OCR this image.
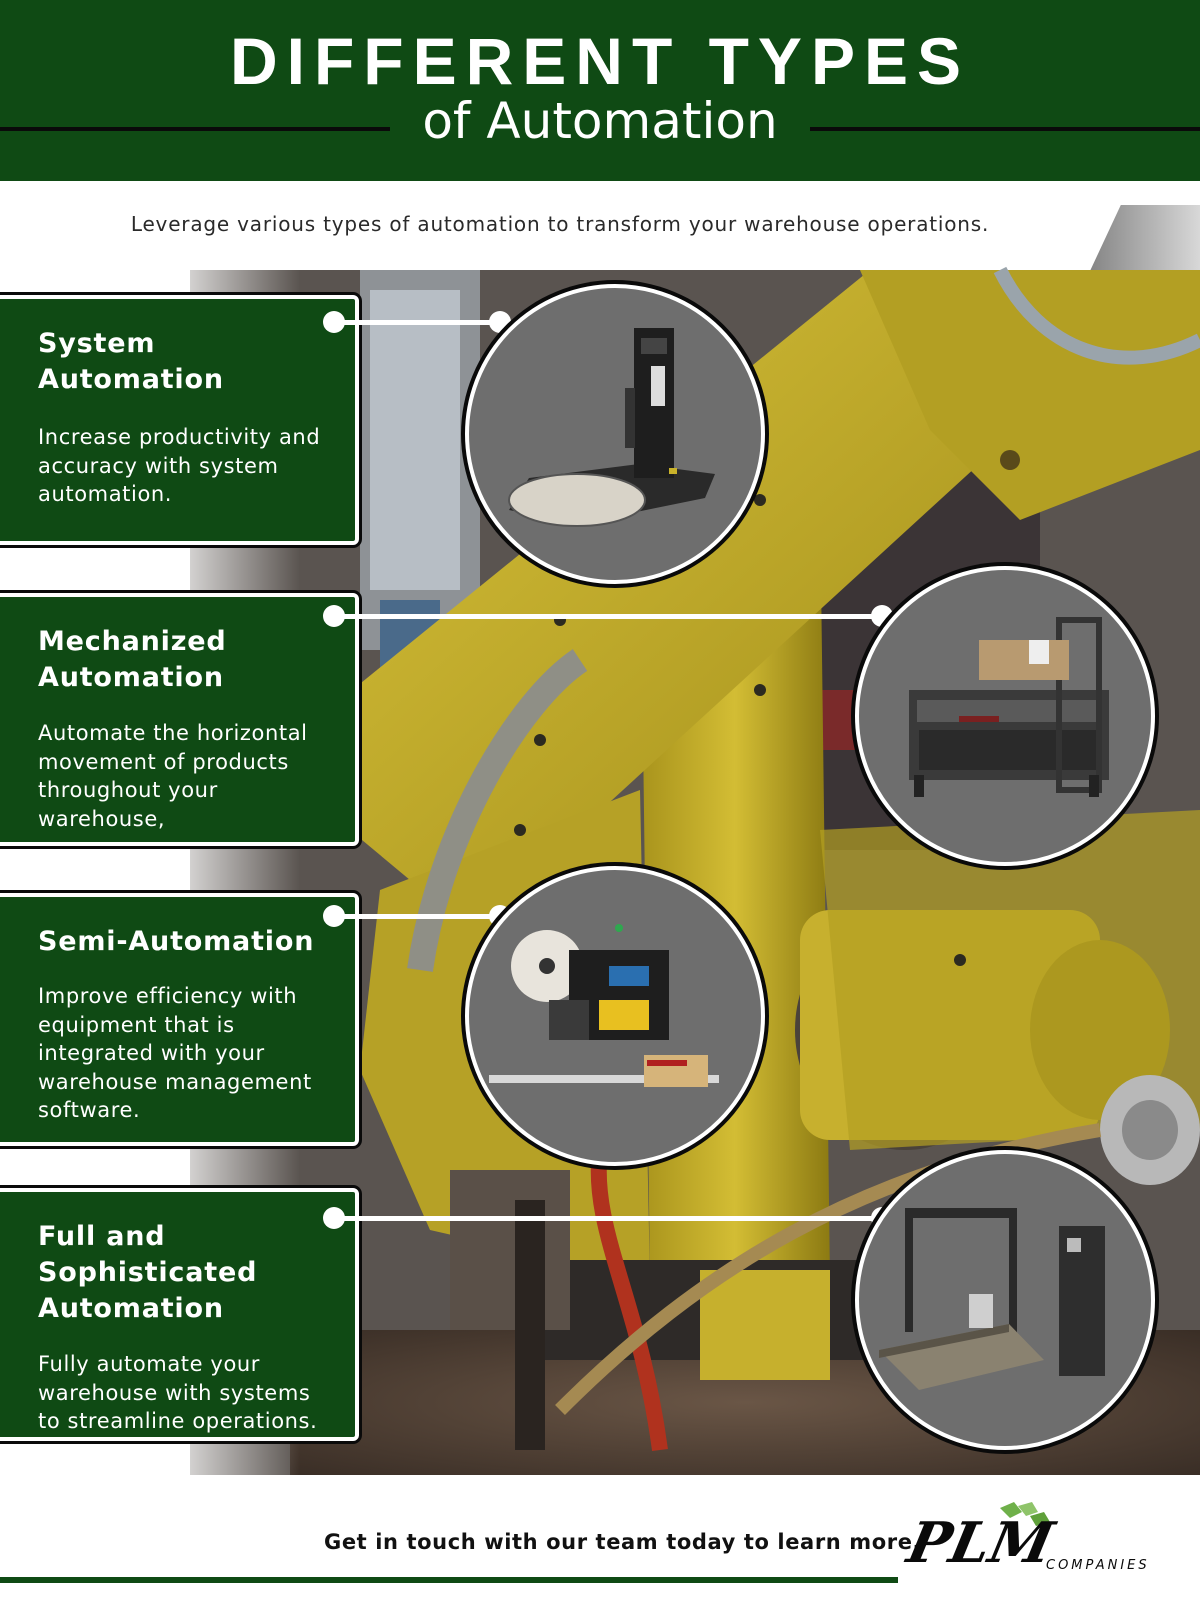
DIFFERENT TYPES
of Automation
Leverage various types of automation to transform your warehouse operations.
System
Automation

Increase productivity and accuracy with system automation.

Mechanized
Automation

Automate the horizontal movement of products throughout your warehouse,

Semi-Automation

Improve efficiency with equipment that is integrated with your warehouse management software.

Full and
Sophisticated
Automation

Fully automate your warehouse with systems to streamline operations.

Get in touch with our team today to learn more.
PLM
COMPANIES
